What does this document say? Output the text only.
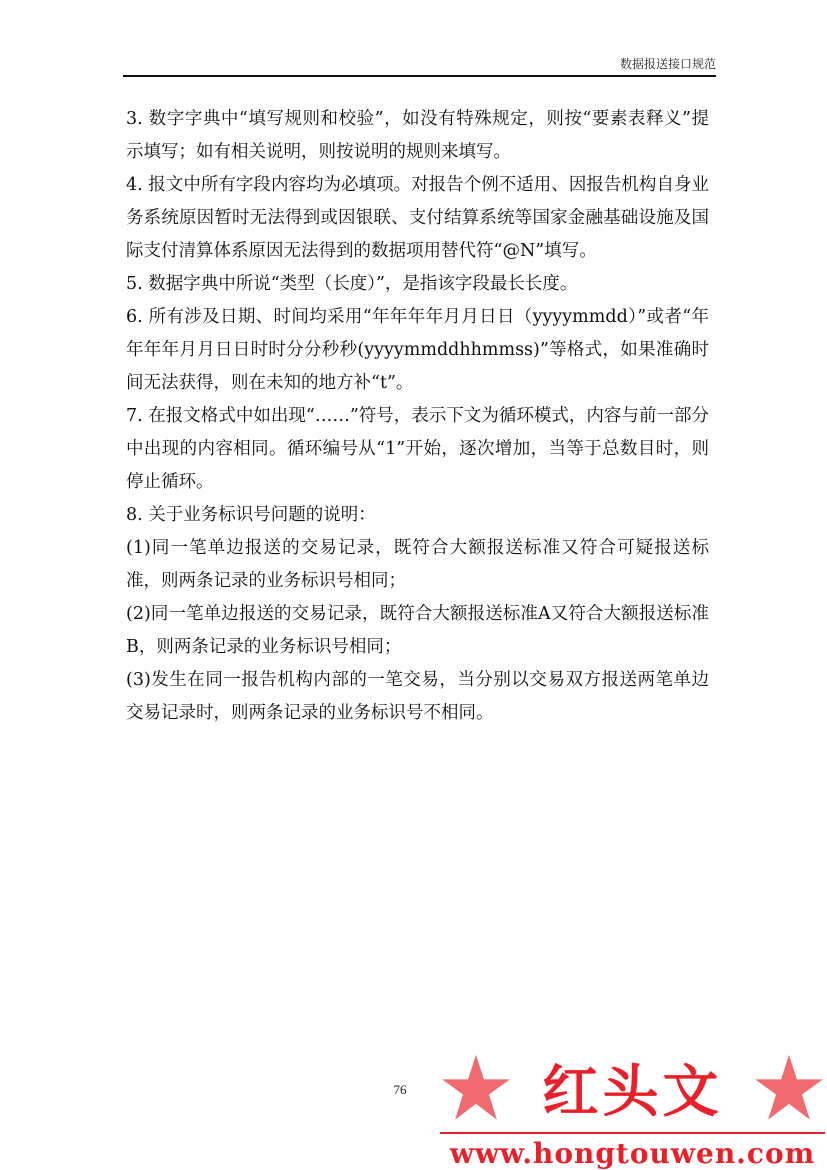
数据报送接口规范

3. 数字字典中“填写规则和校验”，如没有特殊规定，则按“要素表释义”提示填写；如有相关说明，则按说明的规则来填写。

4. 报文中所有字段内容均为必填项。对报告个例不适用、因报告机构自身业务系统原因暂时无法得到或因银联、支付结算系统等国家金融基础设施及国际支付清算体系原因无法得到的数据项用替代符“@N”填写。

5. 数据字典中所说“类型（长度）”，是指该字段最长长度。

6. 所有涉及日期、时间均采用“年年年年月月日日（yyyymmdd）”或者“年年年年月月日日时时分分秒秒(yyyymmddhhmmss)”等格式，如果准确时间无法获得，则在未知的地方补“t”。

7. 在报文格式中如出现“……”符号，表示下文为循环模式，内容与前一部分中出现的内容相同。循环编号从“1”开始，逐次增加，当等于总数目时，则停止循环。

8. 关于业务标识号问题的说明：

(1)同一笔单边报送的交易记录，既符合大额报送标准又符合可疑报送标准，则两条记录的业务标识号相同；

(2)同一笔单边报送的交易记录，既符合大额报送标准A又符合大额报送标准B，则两条记录的业务标识号相同；

(3)发生在同一报告机构内部的一笔交易，当分别以交易双方报送两笔单边交易记录时，则两条记录的业务标识号不相同。

76 红头文
www.hongtouwen.com
